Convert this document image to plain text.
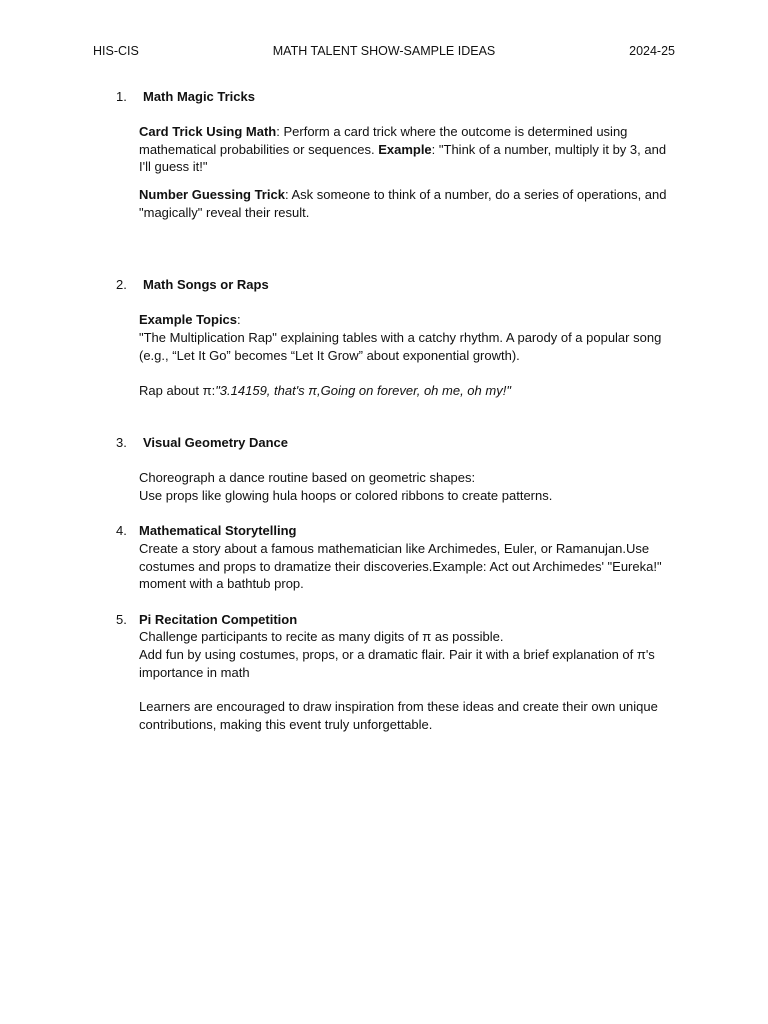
HIS-CIS	MATH TALENT SHOW-SAMPLE IDEAS	2024-25
1. Math Magic Tricks
Card Trick Using Math: Perform a card trick where the outcome is determined using mathematical probabilities or sequences. Example: "Think of a number, multiply it by 3, and I'll guess it!"
Number Guessing Trick: Ask someone to think of a number, do a series of operations, and "magically" reveal their result.
2. Math Songs or Raps
Example Topics:
"The Multiplication Rap" explaining tables with a catchy rhythm. A parody of a popular song (e.g., “Let It Go” becomes “Let It Grow” about exponential growth).
Rap about π:"3.14159, that's π,Going on forever, oh me, oh my!"
3. Visual Geometry Dance
Choreograph a dance routine based on geometric shapes:
Use props like glowing hula hoops or colored ribbons to create patterns.
4. Mathematical Storytelling
Create a story about a famous mathematician like Archimedes, Euler, or Ramanujan.Use costumes and props to dramatize their discoveries.Example: Act out Archimedes' "Eureka!" moment with a bathtub prop.
5. Pi Recitation Competition
Challenge participants to recite as many digits of π as possible.
Add fun by using costumes, props, or a dramatic flair. Pair it with a brief explanation of π's importance in math
Learners are encouraged to draw inspiration from these ideas and create their own unique contributions, making this event truly unforgettable.
